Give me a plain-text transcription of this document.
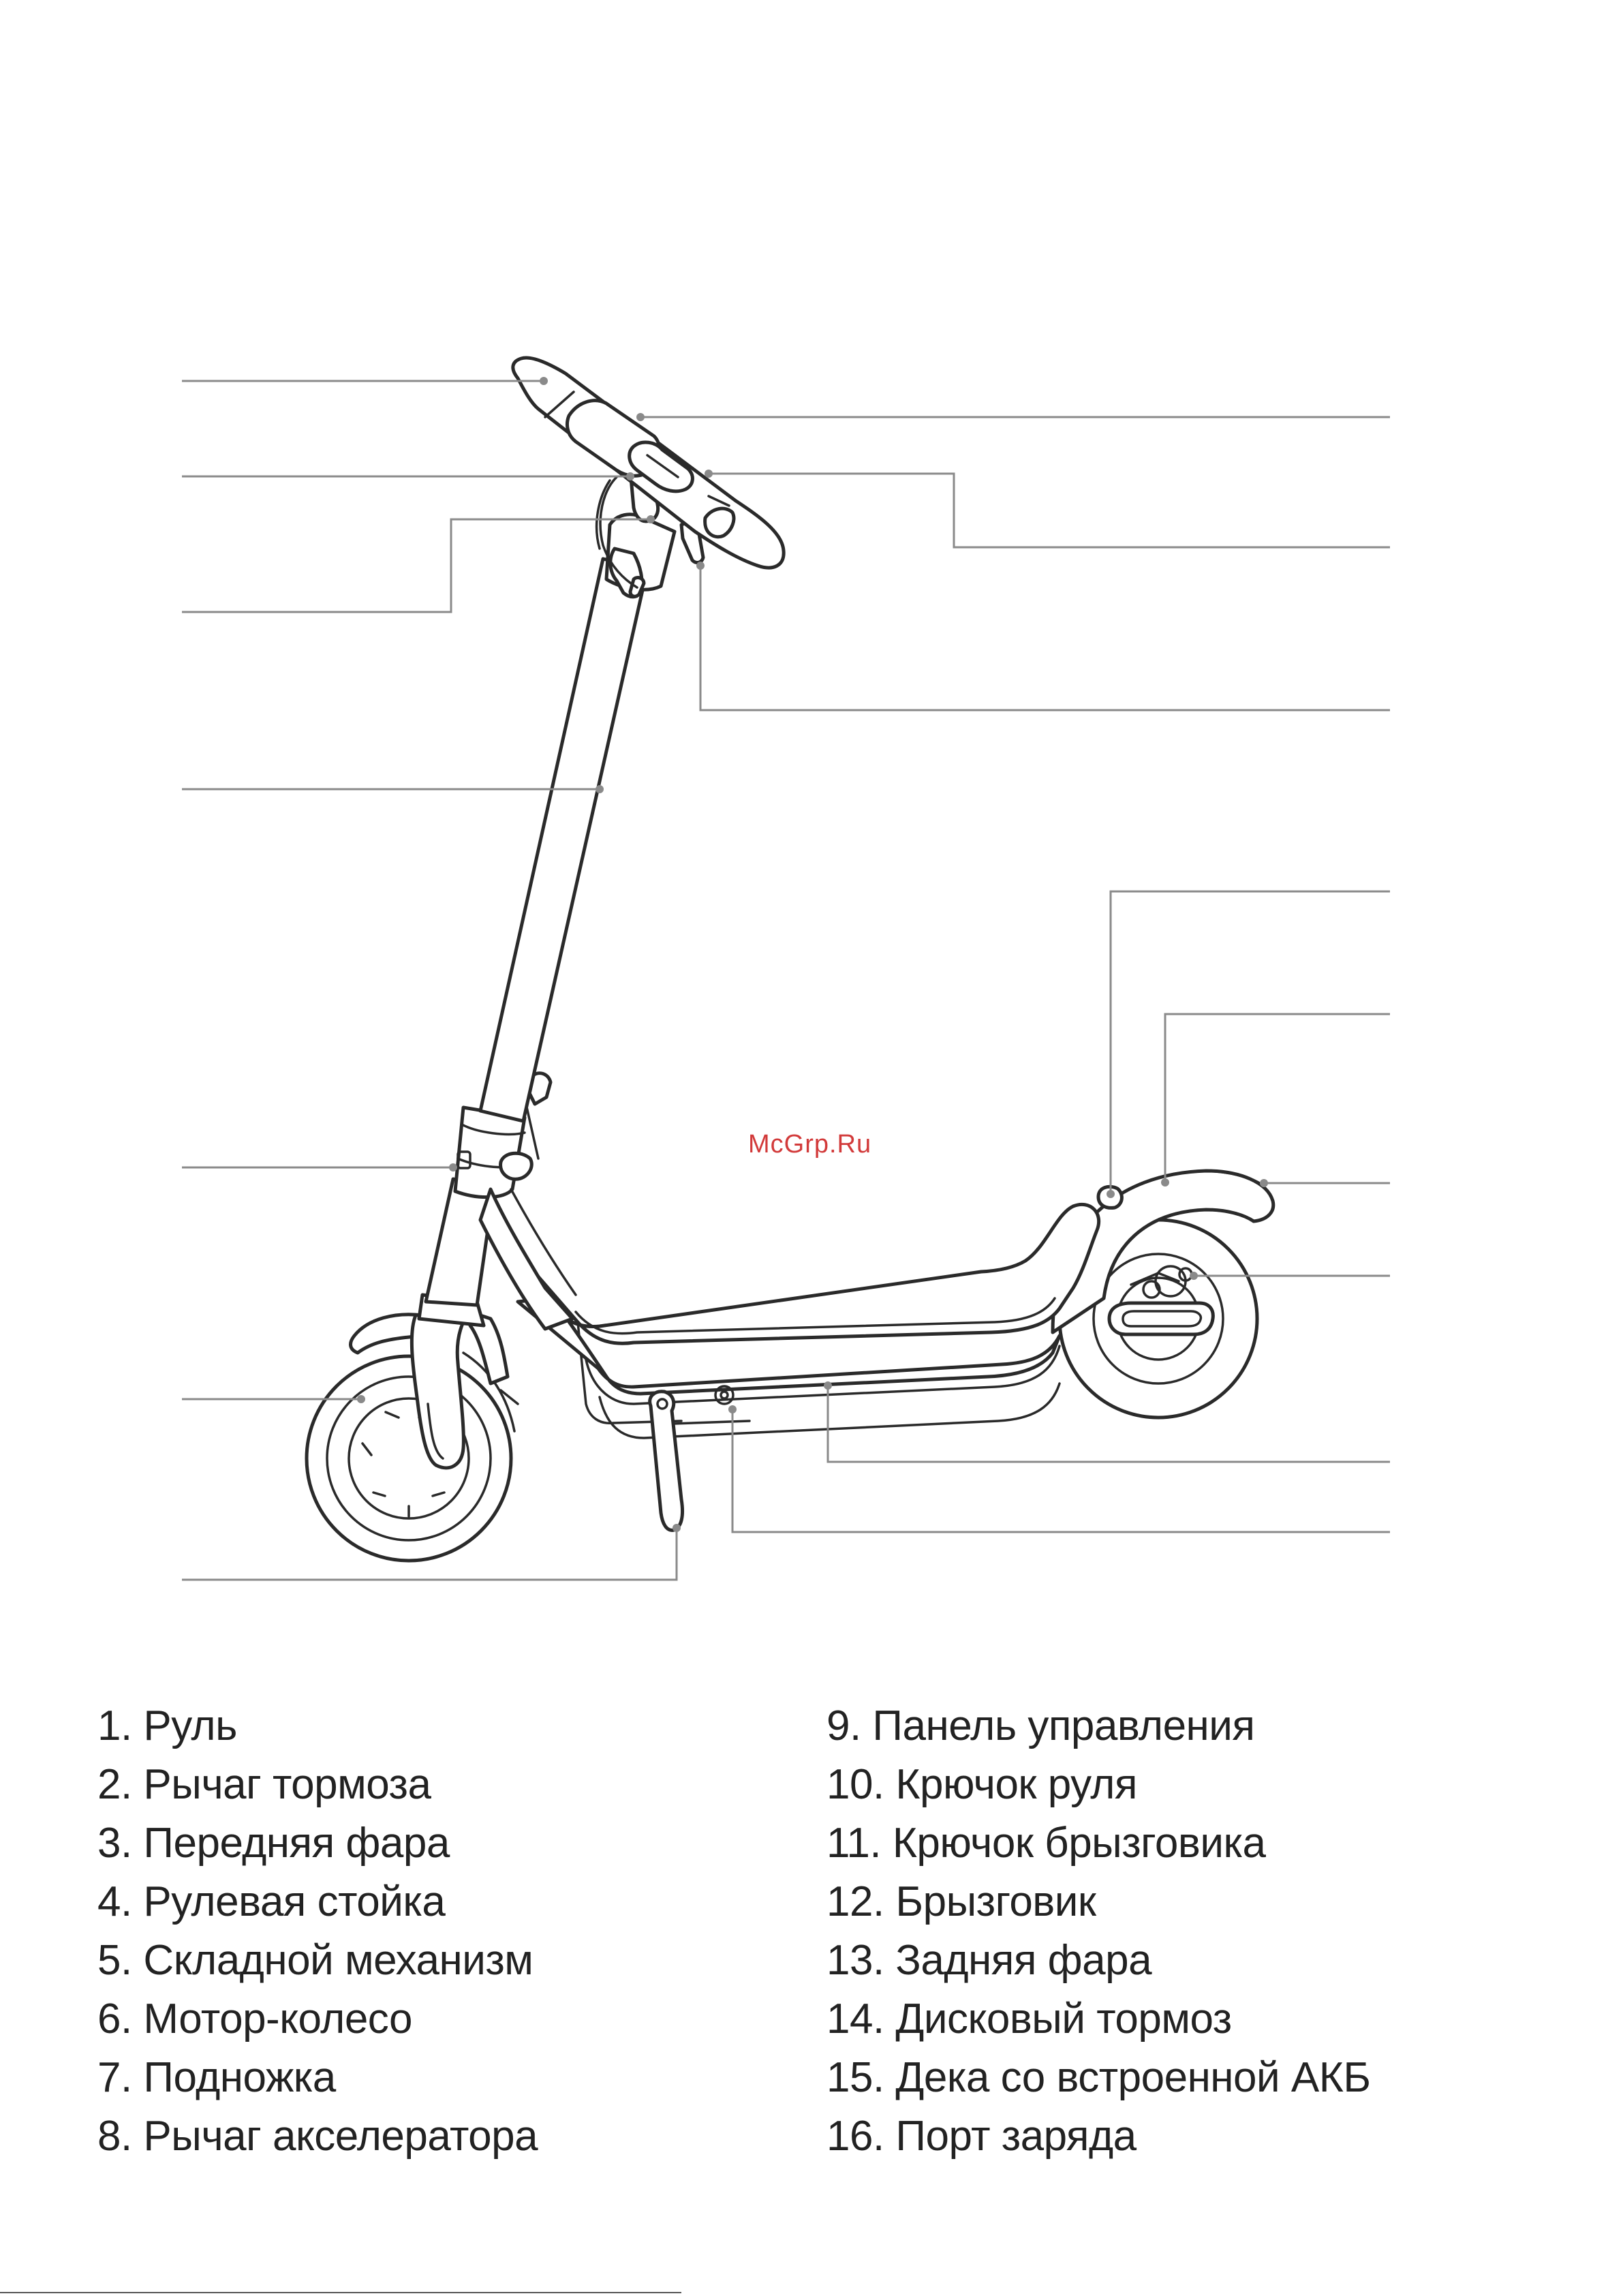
McGrp.Ru
1. Руль
2. Рычаг тормоза
3. Передняя фара
4. Рулевая стойка
5. Складной механизм
6. Мотор-колесо
7. Подножка
8. Рычаг акселератора
9. Панель управления
10. Крючок руля
11. Крючок брызговика
12. Брызговик
13. Задняя фара
14. Дисковый тормоз
15. Дека со встроенной АКБ
16. Порт заряда
